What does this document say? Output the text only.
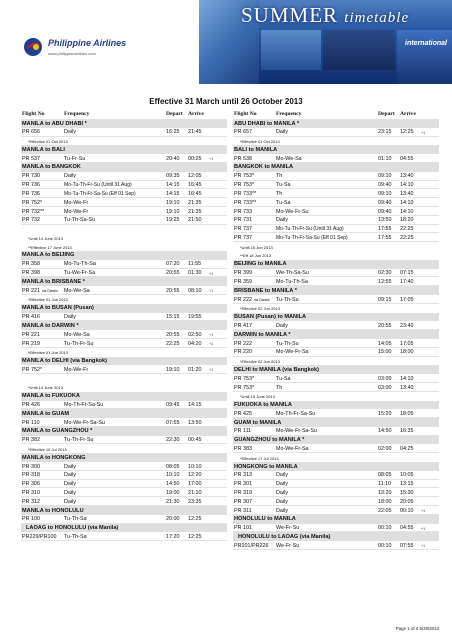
Philippine Airlines
www.philippineairlines.com
SUMMER timetable
international
Effective 31 March until 26 October 2013
Flight No	Frequency	Depart Arrive
MANILA to ABU DHABI *
PR 656	Daily	16:25 21:45
*Effective 01 Oct 2013
MANILA to BALI
PR 537	Tu-Fr-Su	20:40 00:25 +1
MANILA to BANGKOK
PR 730	Daily	09:35 12:05
PR 736	Mo-Tu-Th-Fr-Su (Until 31 Aug)	14:15 16:45
PR 736	Mo-Tu-Th-Fr-Sa-Su (Eff 01 Sep)	14:15 16:45
PR 752*	Mo-We-Fr	19:10 21:35
PR 732**	Mo-We-Fr	19:10 21:35
PR 732	Tu-Th-Sa-Su	19:25 21:50
*Until 14 June 2013
**Effective 17 June 2013
MANILA to BEIJING
PR 358	Mo-Tu-Th-Sa	07:20 11:55
PR 398	Tu-We-Fr-Sa	20:55 01:30 +1
MANILA to BRISBANE *
PR 221 via Darwin Mo-We-Sa	20:55 08:10 +1
*Effective 01 Jun 2013
MANILA to BUSAN (Pusan)
PR 416	Daily	15:15 19:55
MANILA to DARWIN *
PR 221	Mo-We-Sa	20:55 02:50 +1
PR 219	Tu-Th-Fr-Su	22:25 04:20 +1
*Effective 01 Jun 2013
MANILA to DELHI (via Bangkok)
PR 752*	Mo-We-Fr	19:10 01:20 +1
*Until 14 June 2013
MANILA to FUKUOKA
PR 426	Mo-Th-Fr-Sa-Su	09:45 14:15
MANILA to GUAM
PR 110	Mo-We-Fr-Sa-Su	07:55 13:50
MANILA to GUANGZHOU *
PR 382	Tu-Th-Fr-Su	22:30 00:45
*Effective 16 Jul 2013
MANILA to HONGKONG
PR 300	Daily	08:05 10:10
PR 318	Daily	10:10 12:20
PR 306	Daily	14:50 17:00
PR 310	Daily	19:00 21:10
PR 312	Daily	21:30 23:35
MANILA to HONOLULU
PR 100	Tu-Th-Sa	20:00 12:25
LAOAG to HONOLULU (via Manila)
PR229/PR100 Tu-Th-Sa	17:20 12:25
Flight No	Frequency	Depart Arrive
ABU DHABI to MANILA *
PR 657	Daily	23:15 12:25 +1
*Effective 01 Oct 2013
BALI to MANILA
PR 538	Mo-We-Sa	01:10 04:55
BANGKOK to MANILA
PR 753*	Th	09:10 13:40
PR 753*	Tu-Sa	09:40 14:10
PR 733**	Th	09:10 13:40
PR 733**	Tu-Sa	09:40 14:10
PR 733	Mo-We-Fr-Su	09:40 14:10
PR 731	Daily	13:50 18:20
PR 737	Mo-Tu-Th-Fr-Su (Until 31 Aug)	17:55 22:25
PR 737	Mo-Tu-Th-Fr-Sa-Su (Eff 01 Sep)	17:55 22:25
*Until 15 Jun 2013
**Eff 18 Jun 2013
BEIJING to MANILA
PR 399	We-Th-Sa-Su	02:30 07:15
PR 359	Mo-Tu-Th-Sa	12:55 17:40
BRISBANE to MANILA *
PR 222 via Darwin Tu-Th-Su	09:15 17:05
*Effective 02 Jun 2013
BUSAN (Pusan) to MANILA
PR 417	Daily	20:55 23:40
DARWIN to MANILA *
PR 222	Tu-Th-Su	14:05 17:05
PR 220	Mo-We-Fr-Sa	15:00 18:00
*Effective 02 Jun 2013
DELHI to MANILA (via Bangkok)
PR 753*	Tu-Sa	03:00 14:10
PR 753*	Th	03:00 13:40
*Until 15 June 2013
FUKUOKA to MANILA
PR 425	Mo-Th-Fr-Sa-Su	15:20 18:05
GUAM to MANILA
PR 111	Mo-We-Fr-Sa-Su	14:50 16:35
GUANGZHOU to MANILA *
PR 383	Mo-We-Fr-Sa	02:00 04:25
*Effective 17 Jul 2013
HONGKONG to MANILA
PR 313	Daily	08:05 10:05
PR 301	Daily	11:10 13:15
PR 319	Daily	13:20 15:30
PR 307	Daily	18:00 20:05
PR 311	Daily	22:05 00:10 +1
HONOLULU to MANILA
PR 101	We-Fr-Su	00:10 04:55 +1
HONOLULU to LAOAG (via Manila)
PR101/PR226 We-Fr-Su	00:10 07:55 +1
Page 1 of 4 5/20/2013
